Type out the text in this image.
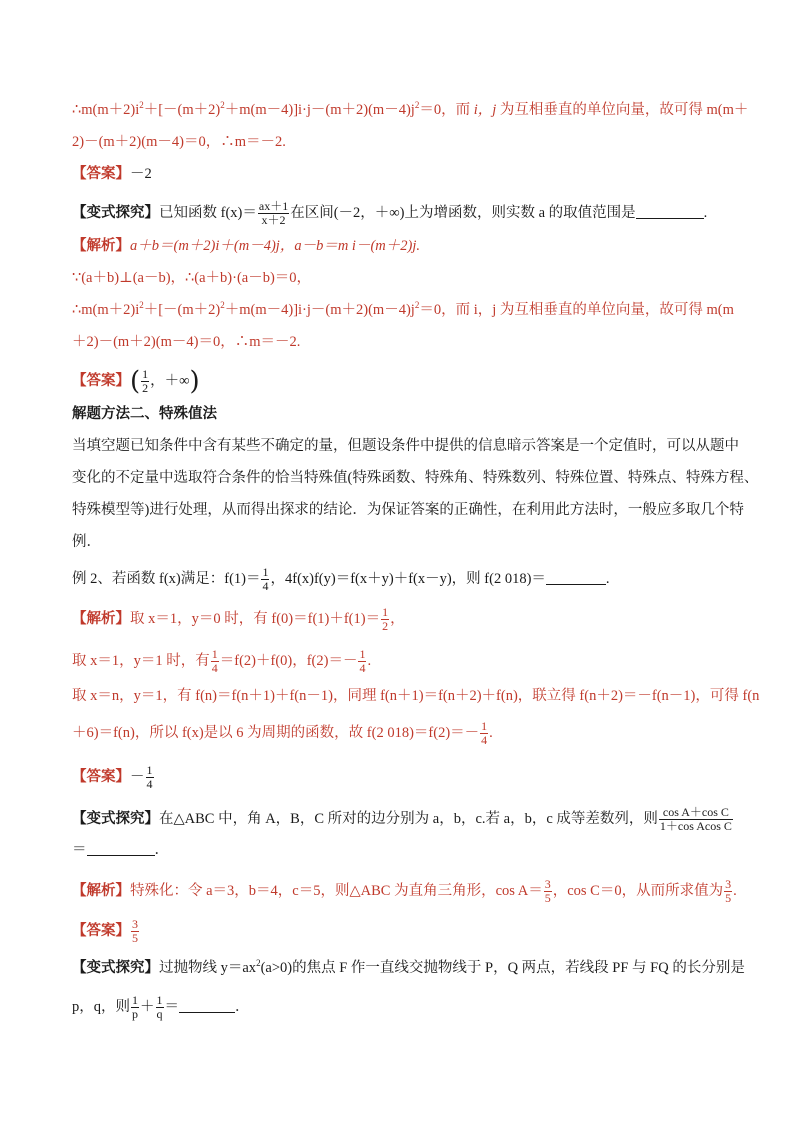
$\therefore m(m+2)i^2+[-(m+2)^2+m(m-4)]i\cdot j-(m+2)(m-4)j^2=0$，而 i，j 为互相垂直的单位向量，故可得 m(m＋
2)－(m＋2)(m－4)＝0，∴m＝－2.
【答案】－2
【变式探究】已知函数 $f(x)= \frac{ax+1}{x+2}$ 在区间(－2，＋∞)上为增函数，则实数 a 的取值范围是	.
【解析】a＋b＝(m＋2)i＋(m－4)j，a－b＝m i－(m＋2)j.
∵(a＋b)⊥(a－b)，∴(a＋b)·(a－b)＝0，
$\therefore m(m+2)i^2+[-(m+2)^2+m(m-4)]i\cdot j-(m+2)(m-4)j^2=0$，而 i，j 为互相垂直的单位向量，故可得 m(m
＋2)－(m＋2)(m－4)＝0，∴m＝－2.
【答案】( $\frac{1}{2}$ ，＋∞)
解题方法二、特殊值法
当填空题已知条件中含有某些不确定的量，但题设条件中提供的信息暗示答案是一个定值时，可以从题中
变化的不定量中选取符合条件的恰当特殊值(特殊函数、特殊角、特殊数列、特殊位置、特殊点、特殊方程、
特殊模型等)进行处理，从而得出探求的结论．为保证答案的正确性，在利用此方法时，一般应多取几个特
例．
例 2、若函数 f(x)满足：$f(1)= \frac{1}{4}$ ，4f(x)f(y)＝f(x＋y)＋f(x－y)，则 f(2 018)＝	.
【解析】取 x＝1，y＝0 时，有 $f(0)=f(1)+f(1)= \frac{1}{2}$ ，
取 x＝1，y＝1 时，有 $\frac{1}{4} =f(2)+f(0)$，$f(2)=- \frac{1}{4}$ .
取 x＝n，y＝1，有 f(n)＝f(n＋1)＋f(n－1)，同理 f(n＋1)＝f(n＋2)＋f(n)，联立得 f(n＋2)＝－f(n－1)，可得 f(n
＋6)＝f(n)，所以 f(x)是以 6 为周期的函数，故 f(2 $018)=f(2)=- \frac{1}{4}$ .
【答案】－ $\frac{1}{4}$
【变式探究】在△ABC 中，角 A，B，C 所对的边分别为 a，b，c.若 a，b，c 成等差数列，则 $\frac{\text{cos A＋cos C}}{\text{1＋cos Acos C}}$
＝	．
【解析】特殊化：令 a＝3，b＝4，c＝5，则△ABC 为直角三角形，$\cos A= \frac{3}{5}$ ，cos C＝0，从而所求值为 $\frac{3}{5}$ .
【答案】 $\frac{3}{5}$
【变式探究】过抛物线 $y=ax^2(a>0)$的焦点 F 作一直线交抛物线于 P，Q 两点，若线段 PF 与 FQ 的长分别是
p，q，则 $\frac{1}{p} + \frac{1}{q}$ ＝	．
